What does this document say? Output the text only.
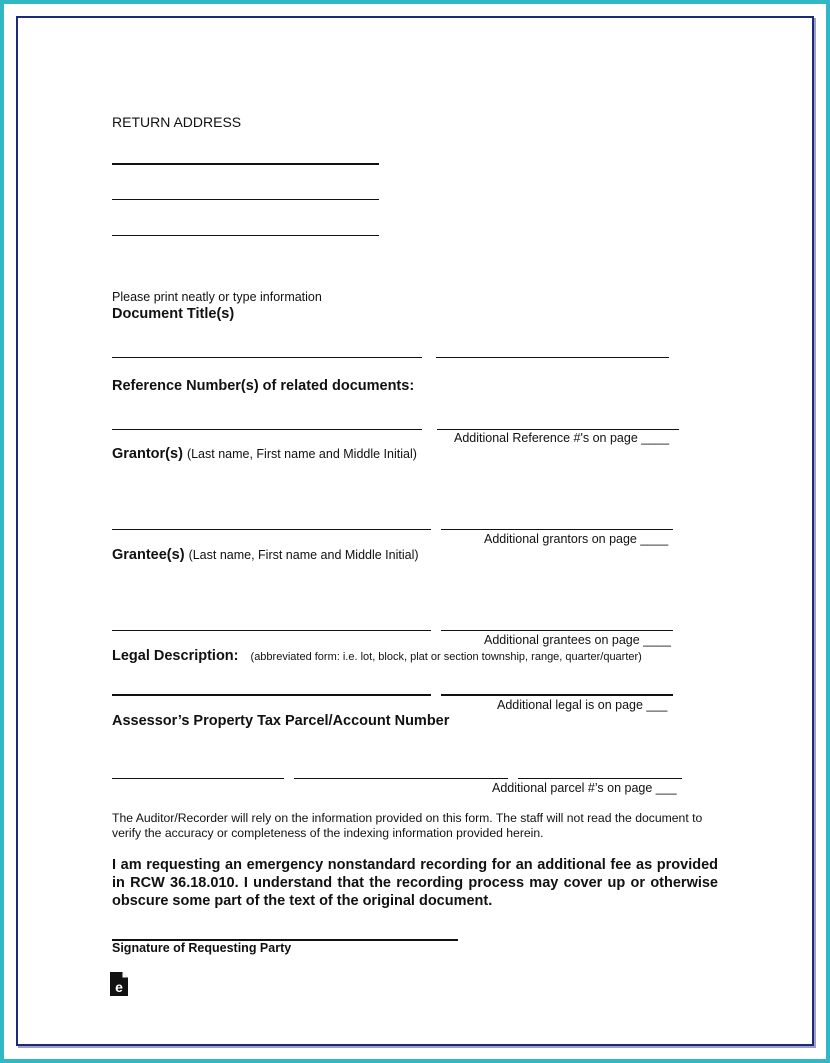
RETURN ADDRESS
Please print neatly or type information
Document Title(s)
Reference Number(s) of related documents:
Additional Reference #'s on page ____
Grantor(s) (Last name, First name and Middle Initial)
Additional grantors on page ____
Grantee(s) (Last name, First name and Middle Initial)
Additional grantees on page ____
Legal Description: (abbreviated form: i.e. lot, block, plat or section township, range, quarter/quarter)
Additional legal is on page ___
Assessor’s Property Tax Parcel/Account Number
Additional parcel #’s on page ___
The Auditor/Recorder will rely on the information provided on this form. The staff will not read the document to verify the accuracy or completeness of the indexing information provided herein.
I am requesting an emergency nonstandard recording for an additional fee as provided in RCW 36.18.010. I understand that the recording process may cover up or otherwise obscure some part of the text of the original document.
Signature of Requesting Party
e
